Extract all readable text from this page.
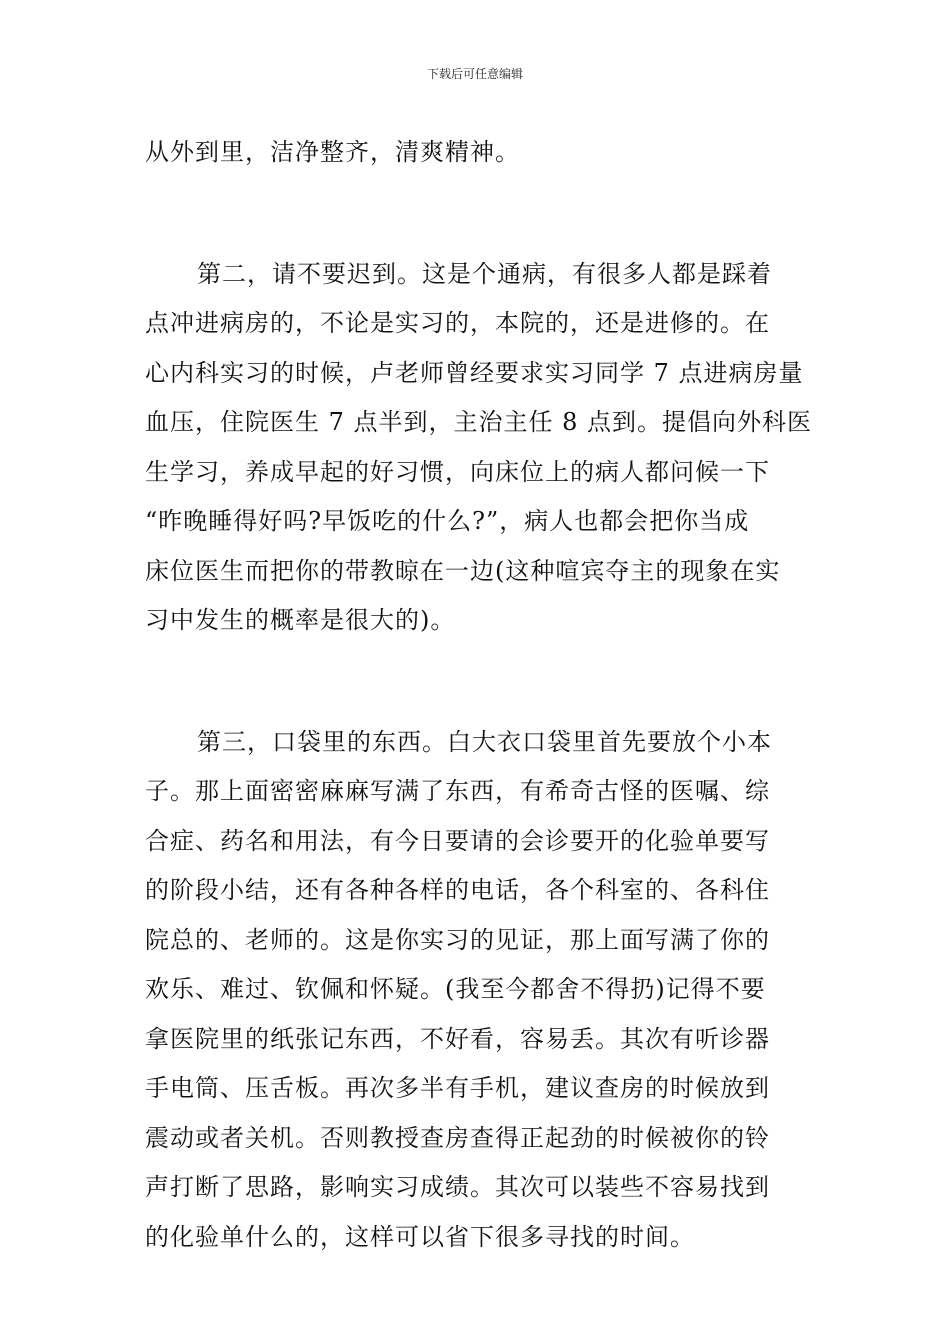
下载后可任意编辑
从外到里，洁净整齐，清爽精神。
第二，请不要迟到。这是个通病，有很多人都是踩着
点冲进病房的，不论是实习的，本院的，还是进修的。在
心内科实习的时候，卢老师曾经要求实习同学 7 点进病房量
血压，住院医生 7 点半到，主治主任 8 点到。提倡向外科医
生学习，养成早起的好习惯，向床位上的病人都问候一下
“昨晚睡得好吗?早饭吃的什么?”，病人也都会把你当成
床位医生而把你的带教晾在一边(这种喧宾夺主的现象在实
习中发生的概率是很大的)。
第三，口袋里的东西。白大衣口袋里首先要放个小本
子。那上面密密麻麻写满了东西，有希奇古怪的医嘱、综
合症、药名和用法，有今日要请的会诊要开的化验单要写
的阶段小结，还有各种各样的电话，各个科室的、各科住
院总的、老师的。这是你实习的见证，那上面写满了你的
欢乐、难过、钦佩和怀疑。(我至今都舍不得扔)记得不要
拿医院里的纸张记东西，不好看，容易丢。其次有听诊器
手电筒、压舌板。再次多半有手机，建议查房的时候放到
震动或者关机。否则教授查房查得正起劲的时候被你的铃
声打断了思路，影响实习成绩。其次可以装些不容易找到
的化验单什么的，这样可以省下很多寻找的时间。
